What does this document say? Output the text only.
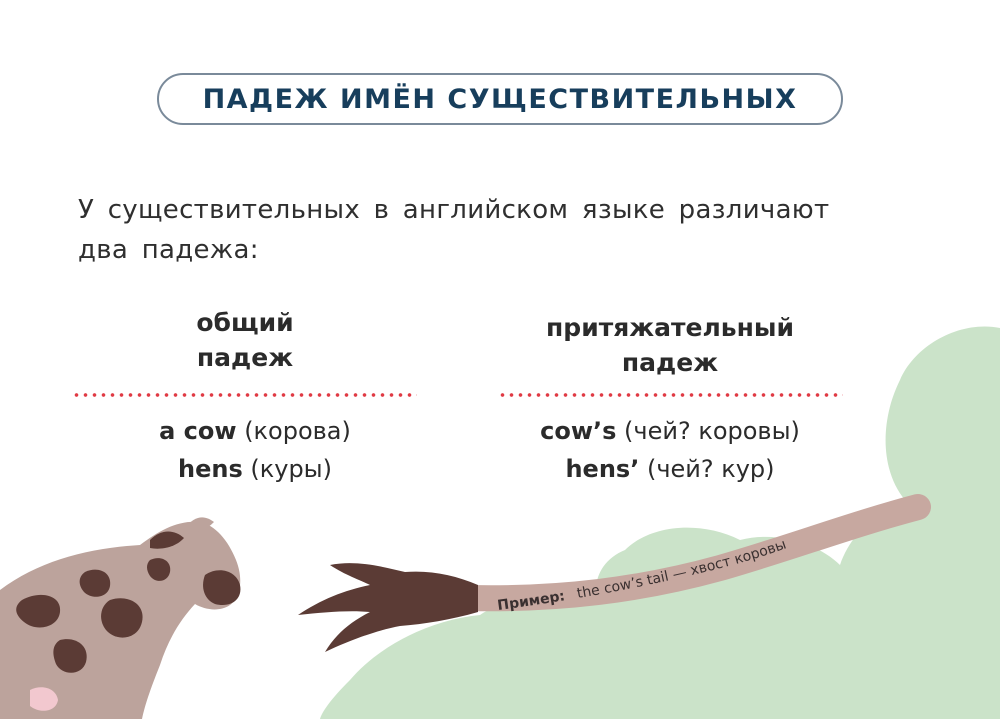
Пример: the cow’s tail — хвост коровы
ПАДЕЖ ИМЁН СУЩЕСТВИТЕЛЬНЫХ
У существительных в английском языке различают
два падежа:
общий
падеж
a cow (корова)
hens (куры)
притяжательный
падеж
cow’s (чей? коровы)
hens’ (чей? кур)
